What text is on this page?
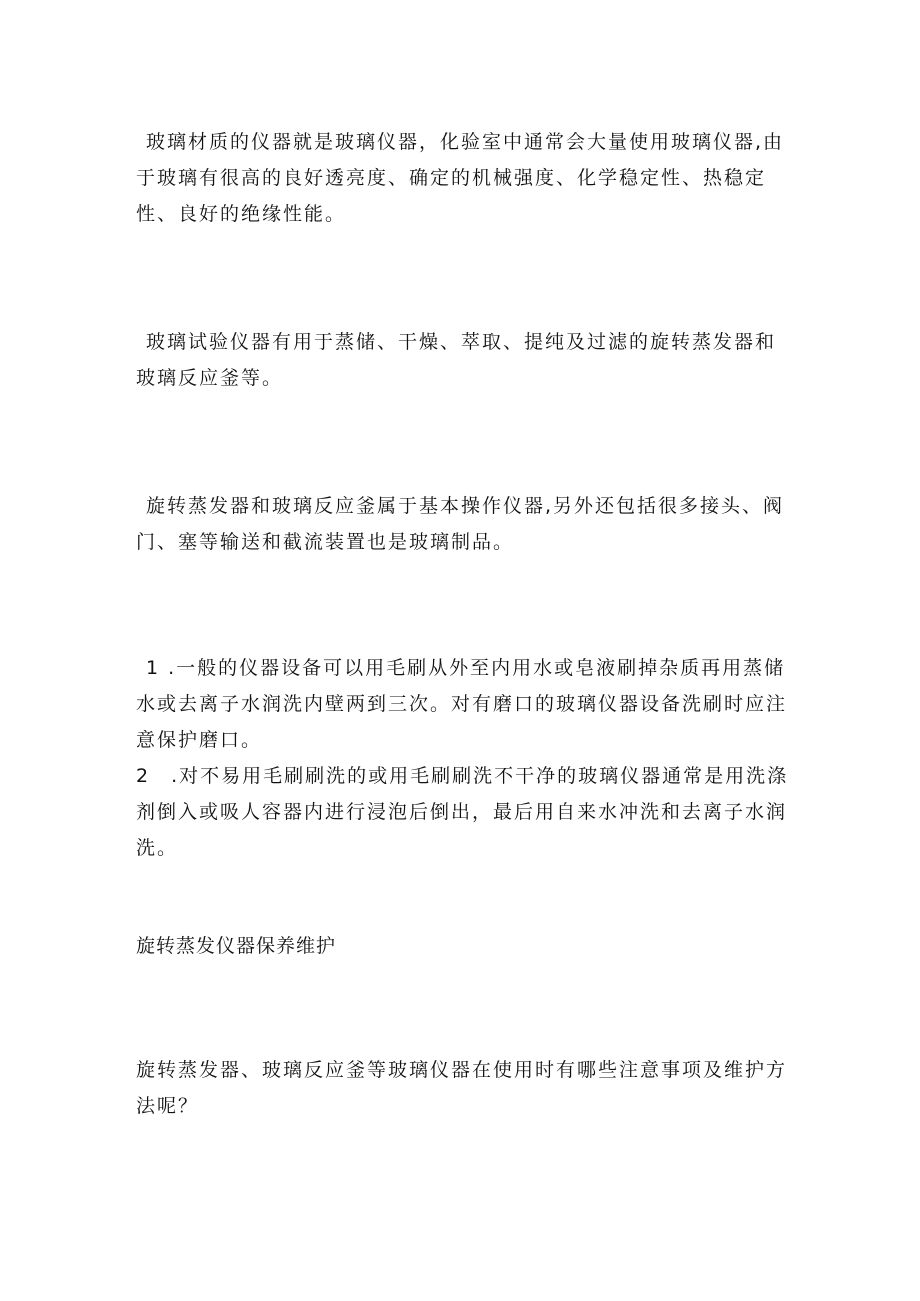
玻璃材质的仪器就是玻璃仪器，化验室中通常会大量使用玻璃仪器,由于玻璃有很高的良好透亮度、确定的机械强度、化学稳定性、热稳定性、良好的绝缘性能。

玻璃试验仪器有用于蒸储、干燥、萃取、提纯及过滤的旋转蒸发器和玻璃反应釜等。

旋转蒸发器和玻璃反应釜属于基本操作仪器,另外还包括很多接头、阀门、塞等输送和截流装置也是玻璃制品。

1 .一般的仪器设备可以用毛刷从外至内用水或皂液刷掉杂质再用蒸储水或去离子水润洗内壁两到三次。对有磨口的玻璃仪器设备洗刷时应注意保护磨口。
2　.对不易用毛刷刷洗的或用毛刷刷洗不干净的玻璃仪器通常是用洗涤剂倒入或吸人容器内进行浸泡后倒出，最后用自来水冲洗和去离子水润洗。

旋转蒸发仪器保养维护

旋转蒸发器、玻璃反应釜等玻璃仪器在使用时有哪些注意事项及维护方法呢？
